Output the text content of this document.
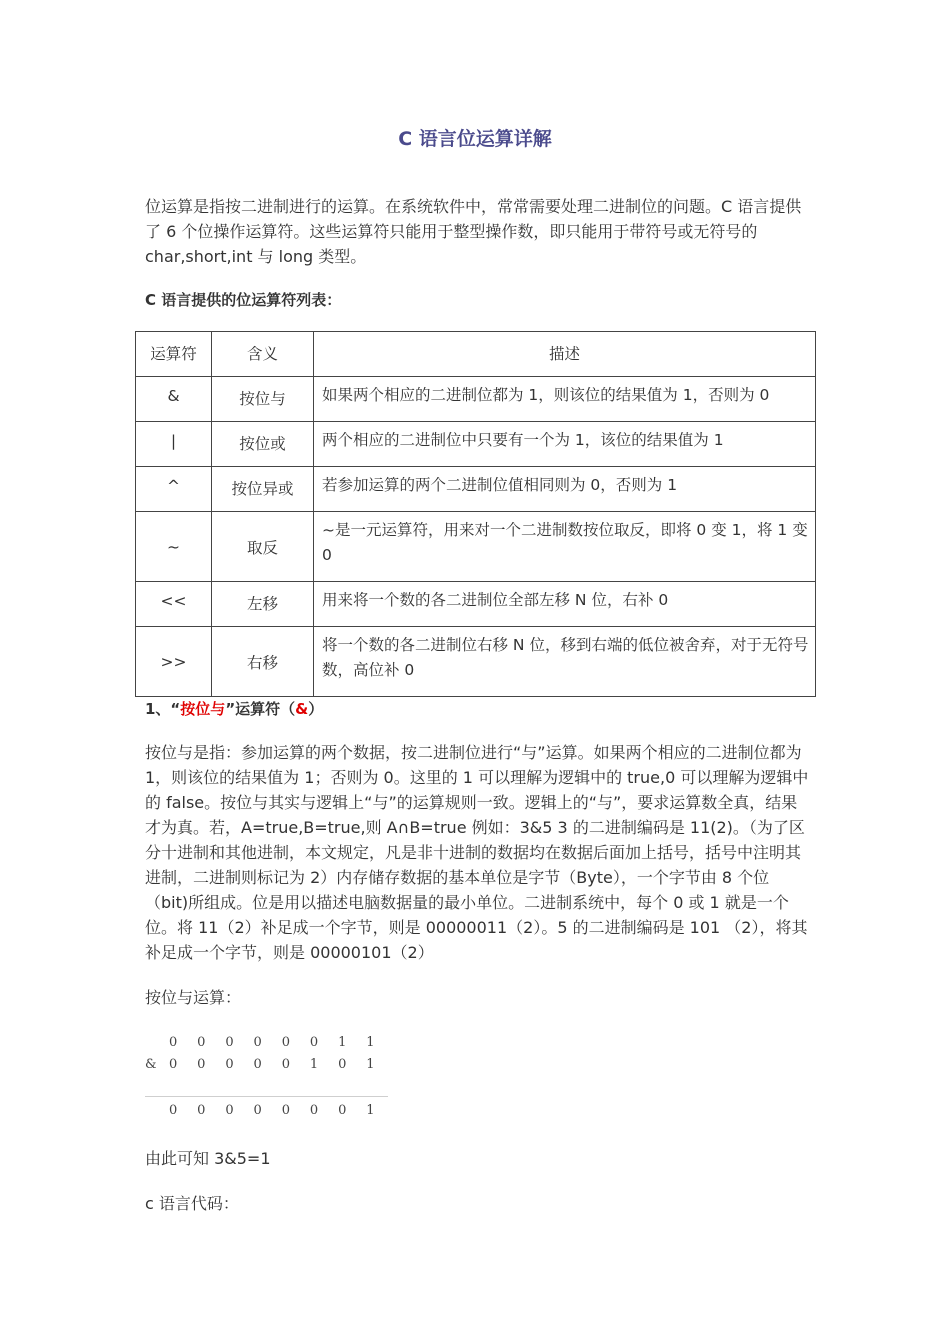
C 语言位运算详解
位运算是指按二进制进行的运算。在系统软件中，常常需要处理二进制位的问题。C 语言提供了 6 个位操作运算符。这些运算符只能用于整型操作数，即只能用于带符号或无符号的 char,short,int 与 long 类型。
C 语言提供的位运算符列表：
运算符	含义	描述

&	按位与	如果两个相应的二进制位都为 1，则该位的结果值为 1，否则为 0

|	按位或	两个相应的二进制位中只要有一个为 1，该位的结果值为 1

^	按位异或	若参加运算的两个二进制位值相同则为 0，否则为 1

~	取反	~是一元运算符，用来对一个二进制数按位取反，即将 0 变 1，将 1 变 0

<<	左移	用来将一个数的各二进制位全部左移 N 位，右补 0

>>	右移	将一个数的各二进制位右移 N 位，移到右端的低位被舍弃，对于无符号数，高位补 0
1、“按位与”运算符（&）
按位与是指：参加运算的两个数据，按二进制位进行“与”运算。如果两个相应的二进制位都为 1，则该位的结果值为 1；否则为 0。这里的 1 可以理解为逻辑中的 true,0 可以理解为逻辑中的 false。按位与其实与逻辑上“与”的运算规则一致。逻辑上的“与”，要求运算数全真，结果才为真。若，A=true,B=true,则 A∩B=true 例如：3&5 3 的二进制编码是 11(2)。（为了区分十进制和其他进制，本文规定，凡是非十进制的数据均在数据后面加上括号，括号中注明其进制，二进制则标记为 2）内存储存数据的基本单位是字节（Byte），一个字节由 8 个位（bit)所组成。位是用以描述电脑数据量的最小单位。二进制系统中，每个 0 或 1 就是一个位。将 11（2）补足成一个字节，则是 00000011（2）。5 的二进制编码是 101 （2），将其补足成一个字节，则是 00000101（2）
按位与运算：
0 0 0 0 0 0 1 1
& 0 0 0 0 0 1 0 1
0 0 0 0 0 0 0 1
由此可知 3&5=1
c 语言代码：
